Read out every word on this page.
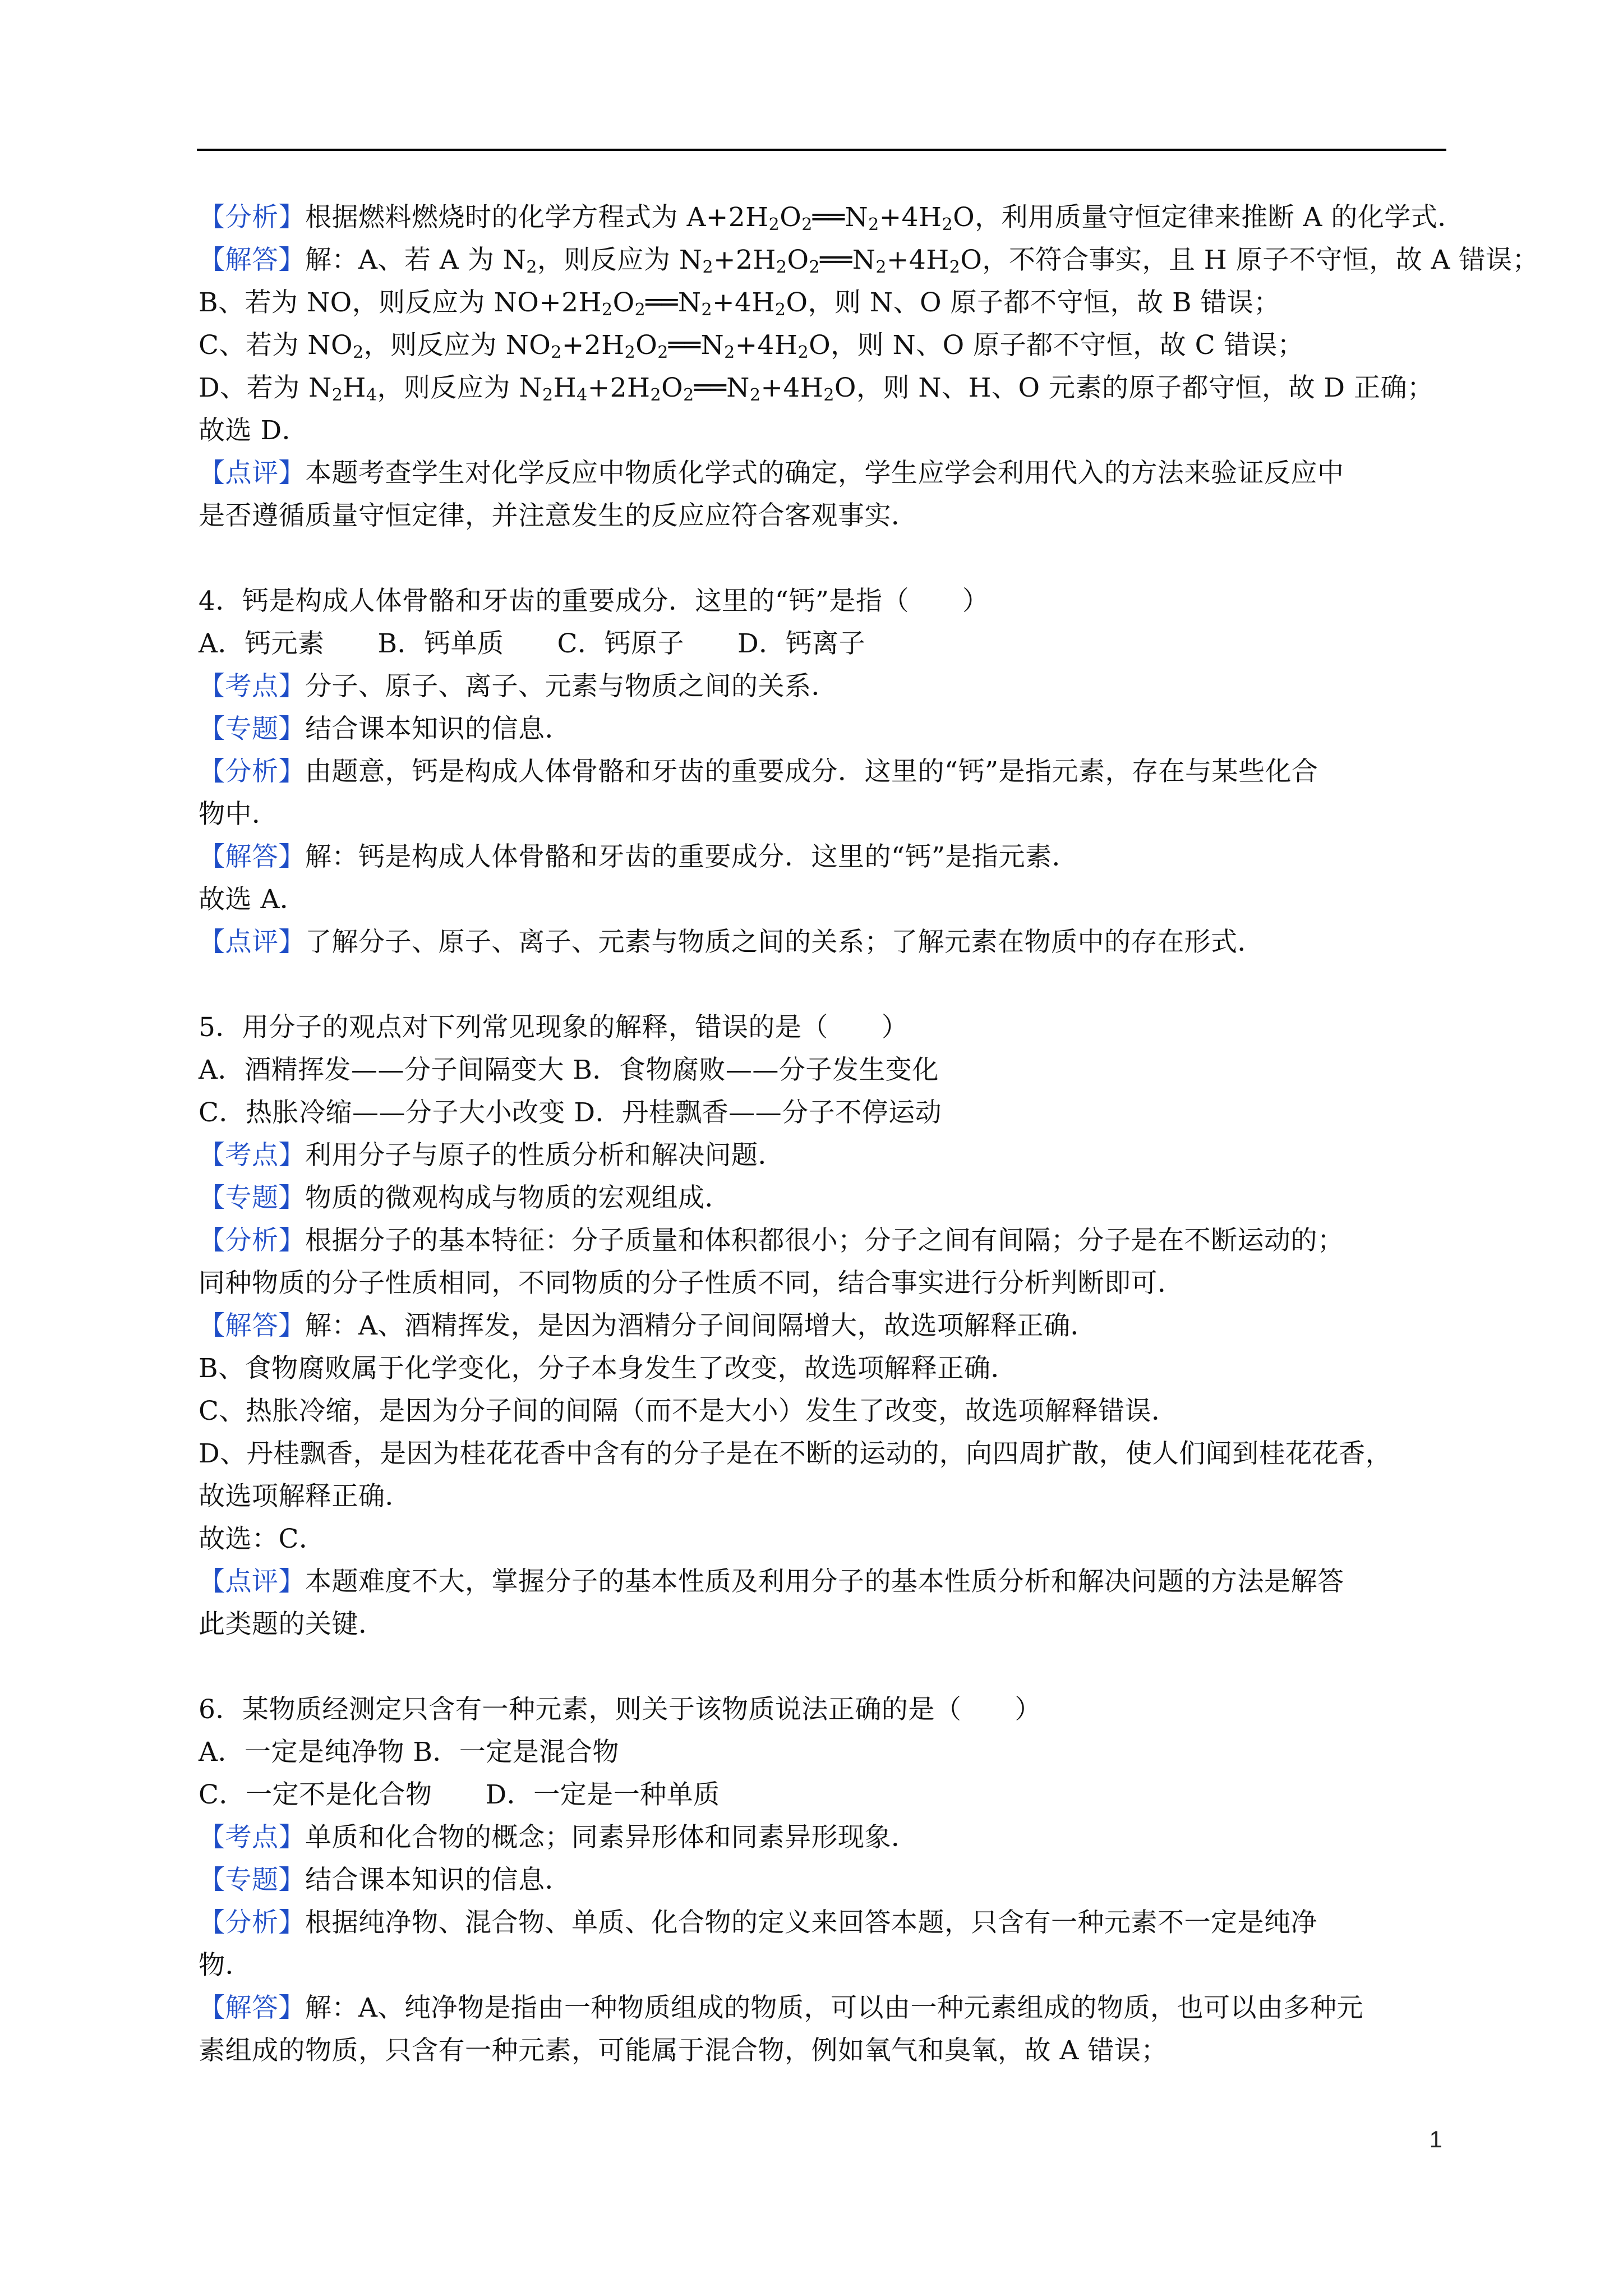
【分析】根据燃料燃烧时的化学方程式为 $A+2H_2O_2══N_2+4H_2O$，利用质量守恒定律来推断 A 的化学式．
【解答】解：A、若 A 为 $N_2$，则反应为 $N_2+2H_2O_2══N_2+4H_2O$，不符合事实，且 H 原子不守恒，故 A 错误；
B、若为 NO，则反应为 $NO+2H_2O_2══N_2+4H_2O$，则 N、O 原子都不守恒，故 B 错误；
C、若为 $NO_2$，则反应为 $NO_2+2H_2O_2══N_2+4H_2O$，则 N、O 原子都不守恒，故 C 错误；
D、若为 $N_2H_4$，则反应为 $N_2H_4+2H_2O_2══N_2+4H_2O$，则 N、H、O 元素的原子都守恒，故 D 正确；
故选 D．
【点评】本题考查学生对化学反应中物质化学式的确定，学生应学会利用代入的方法来验证反应中
是否遵循质量守恒定律，并注意发生的反应应符合客观事实．
4．钙是构成人体骨骼和牙齿的重要成分．这里的“钙”是指（　　）
A．钙元素　　B．钙单质　　C．钙原子　　D．钙离子
【考点】分子、原子、离子、元素与物质之间的关系．
【专题】结合课本知识的信息．
【分析】由题意，钙是构成人体骨骼和牙齿的重要成分．这里的“钙”是指元素，存在与某些化合
物中．
【解答】解：钙是构成人体骨骼和牙齿的重要成分．这里的“钙”是指元素．
故选 A．
【点评】了解分子、原子、离子、元素与物质之间的关系；了解元素在物质中的存在形式．
5．用分子的观点对下列常见现象的解释，错误的是（　　）
A．酒精挥发——分子间隔变大 B．食物腐败——分子发生变化
C．热胀冷缩——分子大小改变 D．丹桂飘香——分子不停运动
【考点】利用分子与原子的性质分析和解决问题．
【专题】物质的微观构成与物质的宏观组成．
【分析】根据分子的基本特征：分子质量和体积都很小；分子之间有间隔；分子是在不断运动的；
同种物质的分子性质相同，不同物质的分子性质不同，结合事实进行分析判断即可．
【解答】解：A、酒精挥发，是因为酒精分子间间隔增大，故选项解释正确．
B、食物腐败属于化学变化，分子本身发生了改变，故选项解释正确．
C、热胀冷缩，是因为分子间的间隔（而不是大小）发生了改变，故选项解释错误．
D、丹桂飘香，是因为桂花花香中含有的分子是在不断的运动的，向四周扩散，使人们闻到桂花花香，
故选项解释正确．
故选：C．
【点评】本题难度不大，掌握分子的基本性质及利用分子的基本性质分析和解决问题的方法是解答
此类题的关键．
6．某物质经测定只含有一种元素，则关于该物质说法正确的是（　　）
A．一定是纯净物 B．一定是混合物
C．一定不是化合物　　D．一定是一种单质
【考点】单质和化合物的概念；同素异形体和同素异形现象．
【专题】结合课本知识的信息．
【分析】根据纯净物、混合物、单质、化合物的定义来回答本题，只含有一种元素不一定是纯净
物．
【解答】解：A、纯净物是指由一种物质组成的物质，可以由一种元素组成的物质，也可以由多种元
素组成的物质，只含有一种元素，可能属于混合物，例如氧气和臭氧，故 A 错误；
1
